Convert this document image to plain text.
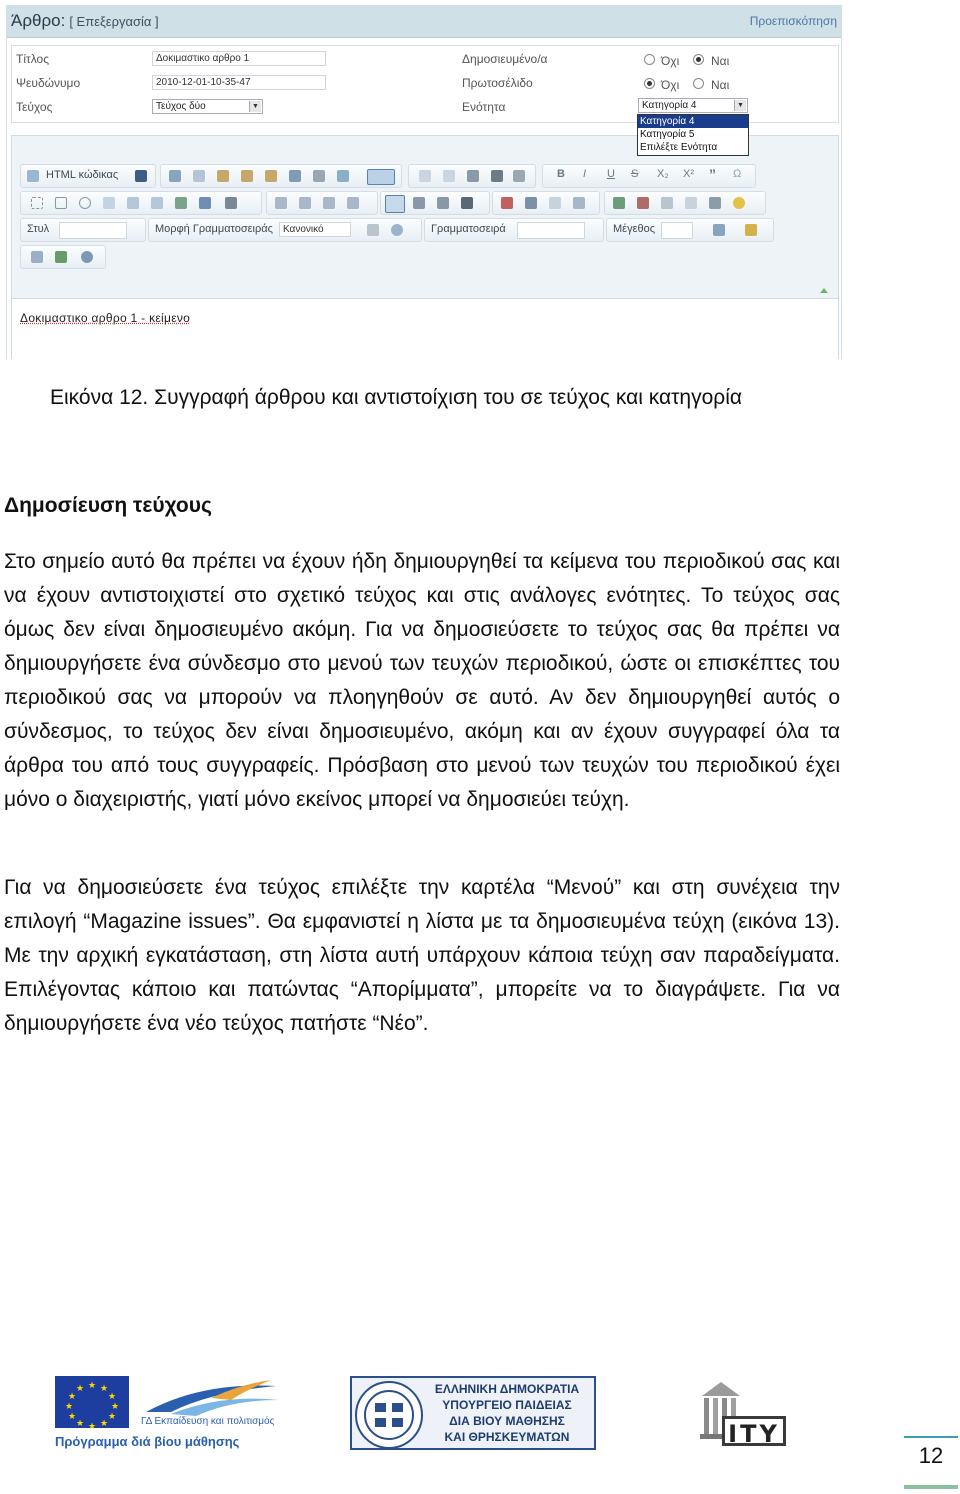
Άρθρο: [ Επεξεργασία ]	Προεπισκόπηση
Τίτλος	Δοκιμαστικο αρθρο 1
Ψευδώνυμο	2010-12-01-10-35-47
Τεύχος	Τεύχος δύο	▼
Δημοσιευμένο/α	Όχι	Ναι
Πρωτοσέλιδο	Όχι	Ναι
Ενότητα	Κατηγορία 4	▼
Κατηγορία 4
Κατηγορία 5
Επιλέξτε Ενότητα
HTML κώδικας	B I U S X₂ X² ” Ω
Στυλ	Μορφή Γραμματοσειράς	Κανονικό	Γραμματοσειρά	Μέγεθος
Δοκιμαστικο αρθρο 1 - κείμενο
Εικόνα 12. Συγγραφή άρθρου και αντιστοίχιση του σε τεύχος και κατηγορία
Δημοσίευση τεύχους

Στο σημείο αυτό θα πρέπει να έχουν ήδη δημιουργηθεί τα κείμενα του περιοδικού σας και να έχουν αντιστοιχιστεί στο σχετικό τεύχος και στις ανάλογες ενότητες. Το τεύχος σας όμως δεν είναι δημοσιευμένο ακόμη. Για να δημοσιεύσετε το τεύχος σας θα πρέπει να δημιουργήσετε ένα σύνδεσμο στο μενού των τευχών περιοδικού, ώστε οι επισκέπτες του περιοδικού σας να μπορούν να πλοηγηθούν σε αυτό. Αν δεν δημιουργηθεί αυτός ο σύνδεσμος, το τεύχος δεν είναι δημοσιευμένο, ακόμη και αν έχουν συγγραφεί όλα τα άρθρα του από τους συγγραφείς. Πρόσβαση στο μενού των τευχών του περιοδικού έχει μόνο ο διαχειριστής, γιατί μόνο εκείνος μπορεί να δημοσιεύει τεύχη.

Για να δημοσιεύσετε ένα τεύχος επιλέξτε την καρτέλα “Μενού” και στη συνέχεια την επιλογή “Magazine issues”. Θα εμφανιστεί η λίστα με τα δημοσιευμένα τεύχη (εικόνα 13). Με την αρχική εγκατάσταση, στη λίστα αυτή υπάρχουν κάποια τεύχη σαν παραδείγματα. Επιλέγοντας κάποιο και πατώντας “Απορίμματα”, μπορείτε να το διαγράψετε. Για να δημιουργήσετε ένα νέο τεύχος πατήστε “Νέο”.

★ ★
★
★
★
★
★
★
★
★
★
★
ΓΔ Εκπαίδευση και πολιτισμός
Πρόγραμμα διά βίου μάθησης
ΕΛΛΗΝΙΚΗ ΔΗΜΟΚΡΑΤΙΑ
ΥΠΟΥΡΓΕΙΟ ΠΑΙΔΕΙΑΣ
ΔΙΑ ΒΙΟΥ ΜΑΘΗΣΗΣ
ΚΑΙ ΘΡΗΣΚΕΥΜΑΤΩΝ	ITY
12
